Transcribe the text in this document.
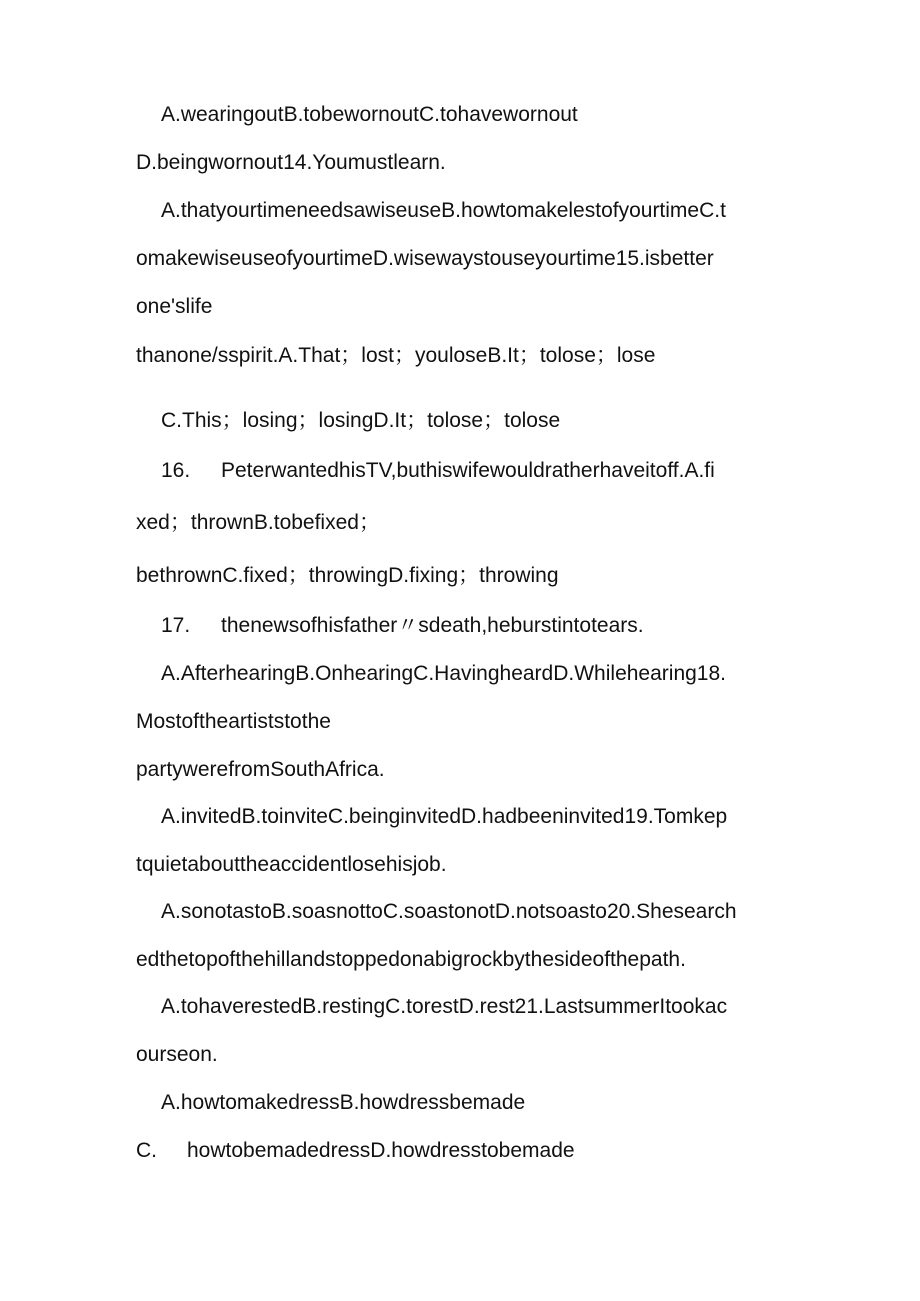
A.wearingoutB.tobewornoutC.tohavewornout
D.beingwornout14.Youmustlearn.
A.thatyourtimeneedsawiseuseB.howtomakelestofyourtimeC.t
omakewiseuseofyourtimeD.wisewaystouseyourtime15.isbetter
one'slife
thanone/sspirit.A.That；lost；youloseB.It；tolose；lose
C.This；losing；losingD.It；tolose；tolose
16. PeterwantedhisTV,buthiswifewouldratherhaveitoff.A.fi
xed；thrownB.tobefixed；
bethrownC.fixed；throwingD.fixing；throwing
17. thenewsofhisfather〃sdeath,heburstintotears.
A.AfterhearingB.OnhearingC.HavingheardD.Whilehearing18.
Mostoftheartiststothe
partywerefromSouthAfrica.
A.invitedB.toinviteC.beinginvitedD.hadbeeninvited19.Tomkep
tquietabouttheaccidentlosehisjob.
A.sonotastoB.soasnottoC.soastonotD.notsoasto20.Shesearch
edthetopofthehillandstoppedonabigrockbythesideofthepath.
A.tohaverestedB.restingC.torestD.rest21.LastsummerItookac
ourseon.
A.howtomakedressB.howdressbemade
C. howtobemadedressD.howdresstobemade
